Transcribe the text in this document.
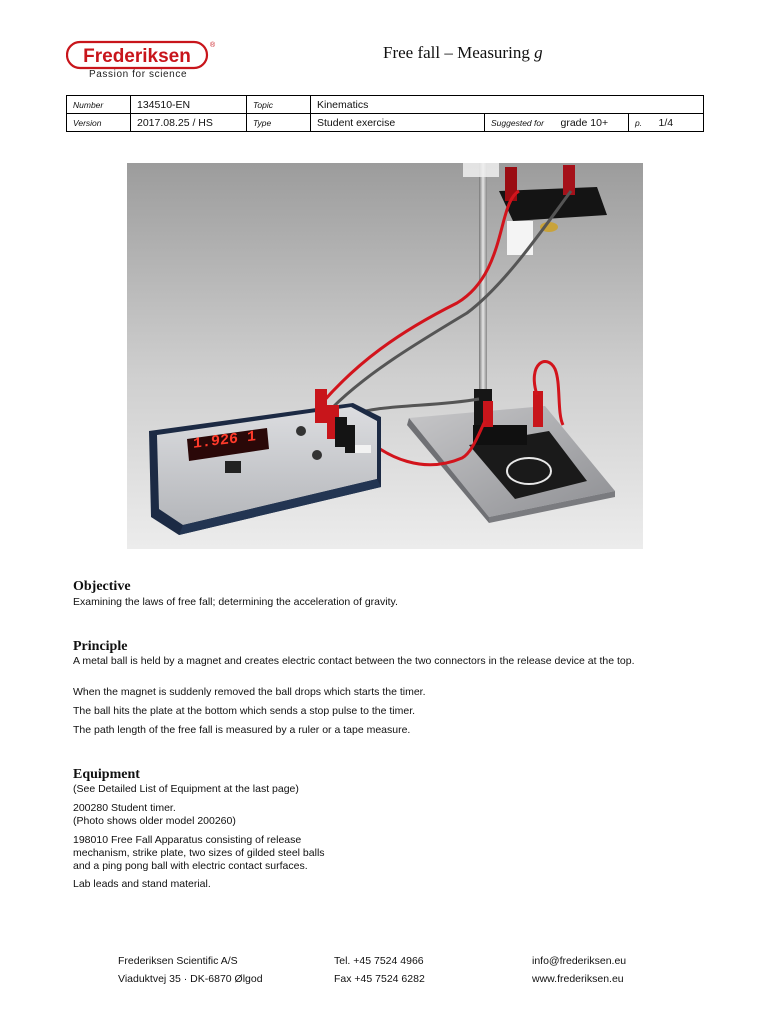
Frederiksen
®
Passion for science
Free fall – Measuring g
Number	134510-EN	Topic	Kinematics				
Version	2017.08.25 / HS	Type	Student exercise	Suggested for	grade 10+	p.	1/4
1.926 1
Objective
Examining the laws of free fall; determining the acceleration of gravity.
Principle
A metal ball is held by a magnet and creates electric contact between the two connectors in the release device at the top.
When the magnet is suddenly removed the ball drops which starts the timer.
The ball hits the plate at the bottom which sends a stop pulse to the timer.
The path length of the free fall is measured by a ruler or a tape measure.
Equipment
(See Detailed List of Equipment at the last page)
200280 Student timer.
(Photo shows older model 200260)
198010 Free Fall Apparatus consisting of release
mechanism, strike plate, two sizes of gilded steel balls
and a ping pong ball with electric contact surfaces.
Lab leads and stand material.
Frederiksen Scientific A/S
Viaduktvej 35 · DK-6870 Ølgod
Tel. +45 7524 4966
Fax +45 7524 6282
info@frederiksen.eu
www.frederiksen.eu
